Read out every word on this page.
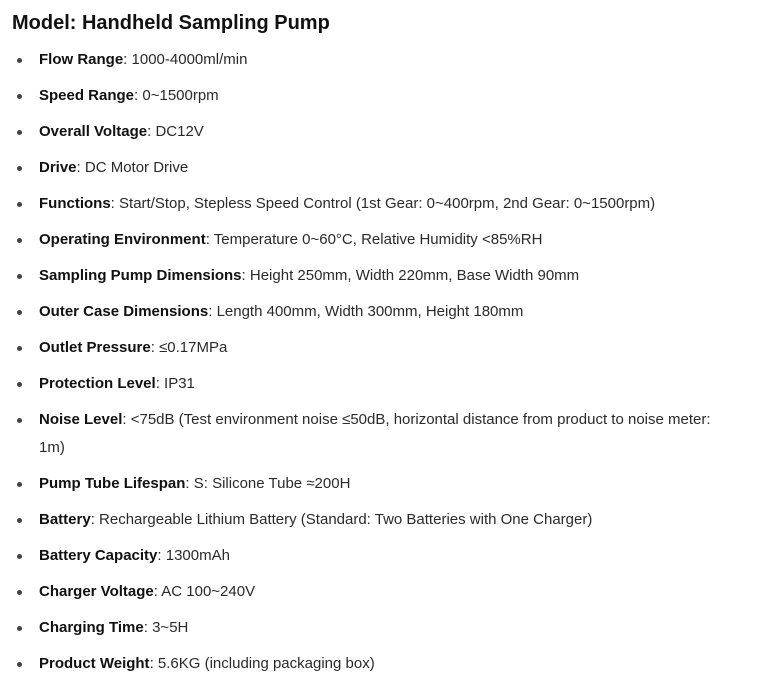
Model: Handheld Sampling Pump
Flow Range: 1000-4000ml/min
Speed Range: 0~1500rpm
Overall Voltage: DC12V
Drive: DC Motor Drive
Functions: Start/Stop, Stepless Speed Control (1st Gear: 0~400rpm, 2nd Gear: 0~1500rpm)
Operating Environment: Temperature 0~60°C, Relative Humidity <85%RH
Sampling Pump Dimensions: Height 250mm, Width 220mm, Base Width 90mm
Outer Case Dimensions: Length 400mm, Width 300mm, Height 180mm
Outlet Pressure: ≤0.17MPa
Protection Level: IP31
Noise Level: <75dB (Test environment noise ≤50dB, horizontal distance from product to noise meter: 1m)
Pump Tube Lifespan: S: Silicone Tube ≈200H
Battery: Rechargeable Lithium Battery (Standard: Two Batteries with One Charger)
Battery Capacity: 1300mAh
Charger Voltage: AC 100~240V
Charging Time: 3~5H
Product Weight: 5.6KG (including packaging box)
